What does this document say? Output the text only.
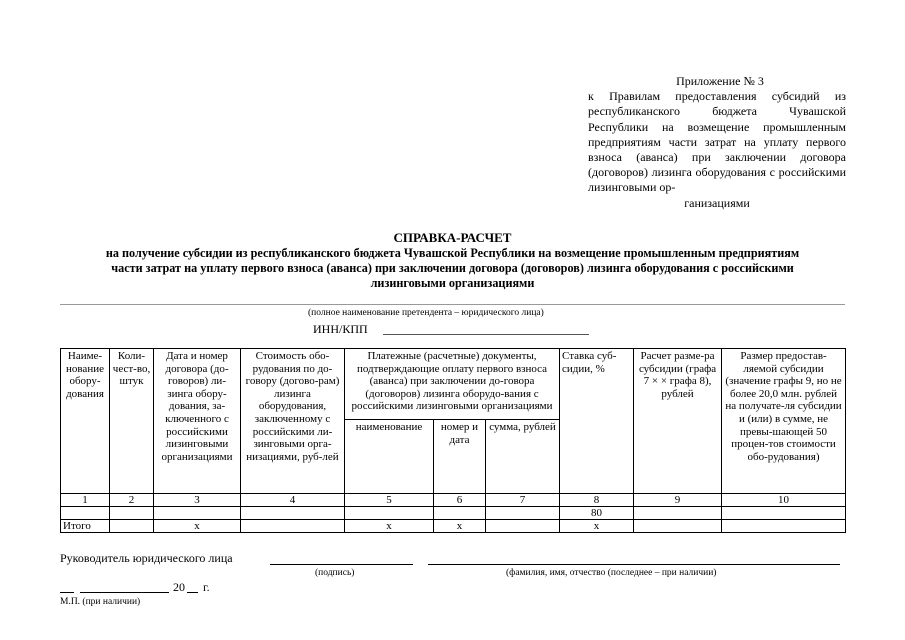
Приложение № 3
к Правилам предоставления субсидий из республиканского бюджета Чувашской Республики на возмещение промышленным предприятиям части затрат на уплату первого взноса (аванса) при заключении договора (договоров) лизинга оборудования с российскими лизинговыми ор-
ганизациями
СПРАВКА-РАСЧЕТ
на получение субсидии из республиканского бюджета Чувашской Республики на возмещение промышленным предприятиям части затрат на уплату первого взноса (аванса) при заключении договора (договоров) лизинга оборудования с российскими лизинговыми организациями
(полное наименование претендента – юридического лица)
ИНН/КПП
Наиме-нование обору-дования	Коли-чест-во, штук	Дата и номер договора (до-говоров) ли-зинга обору-дования, за-ключенного с российскими лизинговыми организациями	Стоимость обо-рудования по до-говору (догово-рам) лизинга оборудования, заключенному с российскими ли-зинговыми орга-низациями, руб-лей	Платежные (расчетные) документы, подтверждающие оплату первого взноса (аванса) при заключении до-говора (договоров) лизинга оборудо-вания с российскими лизинговыми организациями			Ставка суб-сидии, %	Расчет разме-ра субсидии (графа 7 × × графа 8), рублей	Размер предостав-ляемой субсидии (значение графы 9, но не более 20,0 млн. рублей на получате-ля субсидии и (или) в сумме, не превы-шающей 50 процен-тов стоимости обо-рудования)
				наименование	номер и дата	сумма, рублей			
1	2	3	4	5	6	7	8	9	10
							80		
Итого		x		x	x		x		
Руководитель юридического лица
(подпись)	(фамилия, имя, отчество (последнее – при наличии)
20 г.
М.П. (при наличии)
